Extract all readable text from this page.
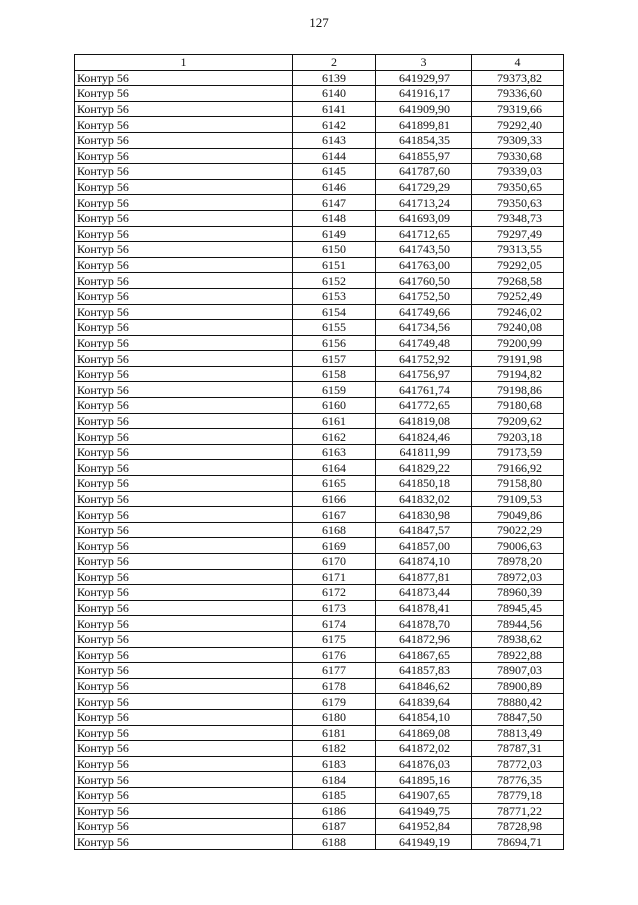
127
1	2	3	4
Контур 56	6139	641929,97	79373,82
Контур 56	6140	641916,17	79336,60
Контур 56	6141	641909,90	79319,66
Контур 56	6142	641899,81	79292,40
Контур 56	6143	641854,35	79309,33
Контур 56	6144	641855,97	79330,68
Контур 56	6145	641787,60	79339,03
Контур 56	6146	641729,29	79350,65
Контур 56	6147	641713,24	79350,63
Контур 56	6148	641693,09	79348,73
Контур 56	6149	641712,65	79297,49
Контур 56	6150	641743,50	79313,55
Контур 56	6151	641763,00	79292,05
Контур 56	6152	641760,50	79268,58
Контур 56	6153	641752,50	79252,49
Контур 56	6154	641749,66	79246,02
Контур 56	6155	641734,56	79240,08
Контур 56	6156	641749,48	79200,99
Контур 56	6157	641752,92	79191,98
Контур 56	6158	641756,97	79194,82
Контур 56	6159	641761,74	79198,86
Контур 56	6160	641772,65	79180,68
Контур 56	6161	641819,08	79209,62
Контур 56	6162	641824,46	79203,18
Контур 56	6163	641811,99	79173,59
Контур 56	6164	641829,22	79166,92
Контур 56	6165	641850,18	79158,80
Контур 56	6166	641832,02	79109,53
Контур 56	6167	641830,98	79049,86
Контур 56	6168	641847,57	79022,29
Контур 56	6169	641857,00	79006,63
Контур 56	6170	641874,10	78978,20
Контур 56	6171	641877,81	78972,03
Контур 56	6172	641873,44	78960,39
Контур 56	6173	641878,41	78945,45
Контур 56	6174	641878,70	78944,56
Контур 56	6175	641872,96	78938,62
Контур 56	6176	641867,65	78922,88
Контур 56	6177	641857,83	78907,03
Контур 56	6178	641846,62	78900,89
Контур 56	6179	641839,64	78880,42
Контур 56	6180	641854,10	78847,50
Контур 56	6181	641869,08	78813,49
Контур 56	6182	641872,02	78787,31
Контур 56	6183	641876,03	78772,03
Контур 56	6184	641895,16	78776,35
Контур 56	6185	641907,65	78779,18
Контур 56	6186	641949,75	78771,22
Контур 56	6187	641952,84	78728,98
Контур 56	6188	641949,19	78694,71
